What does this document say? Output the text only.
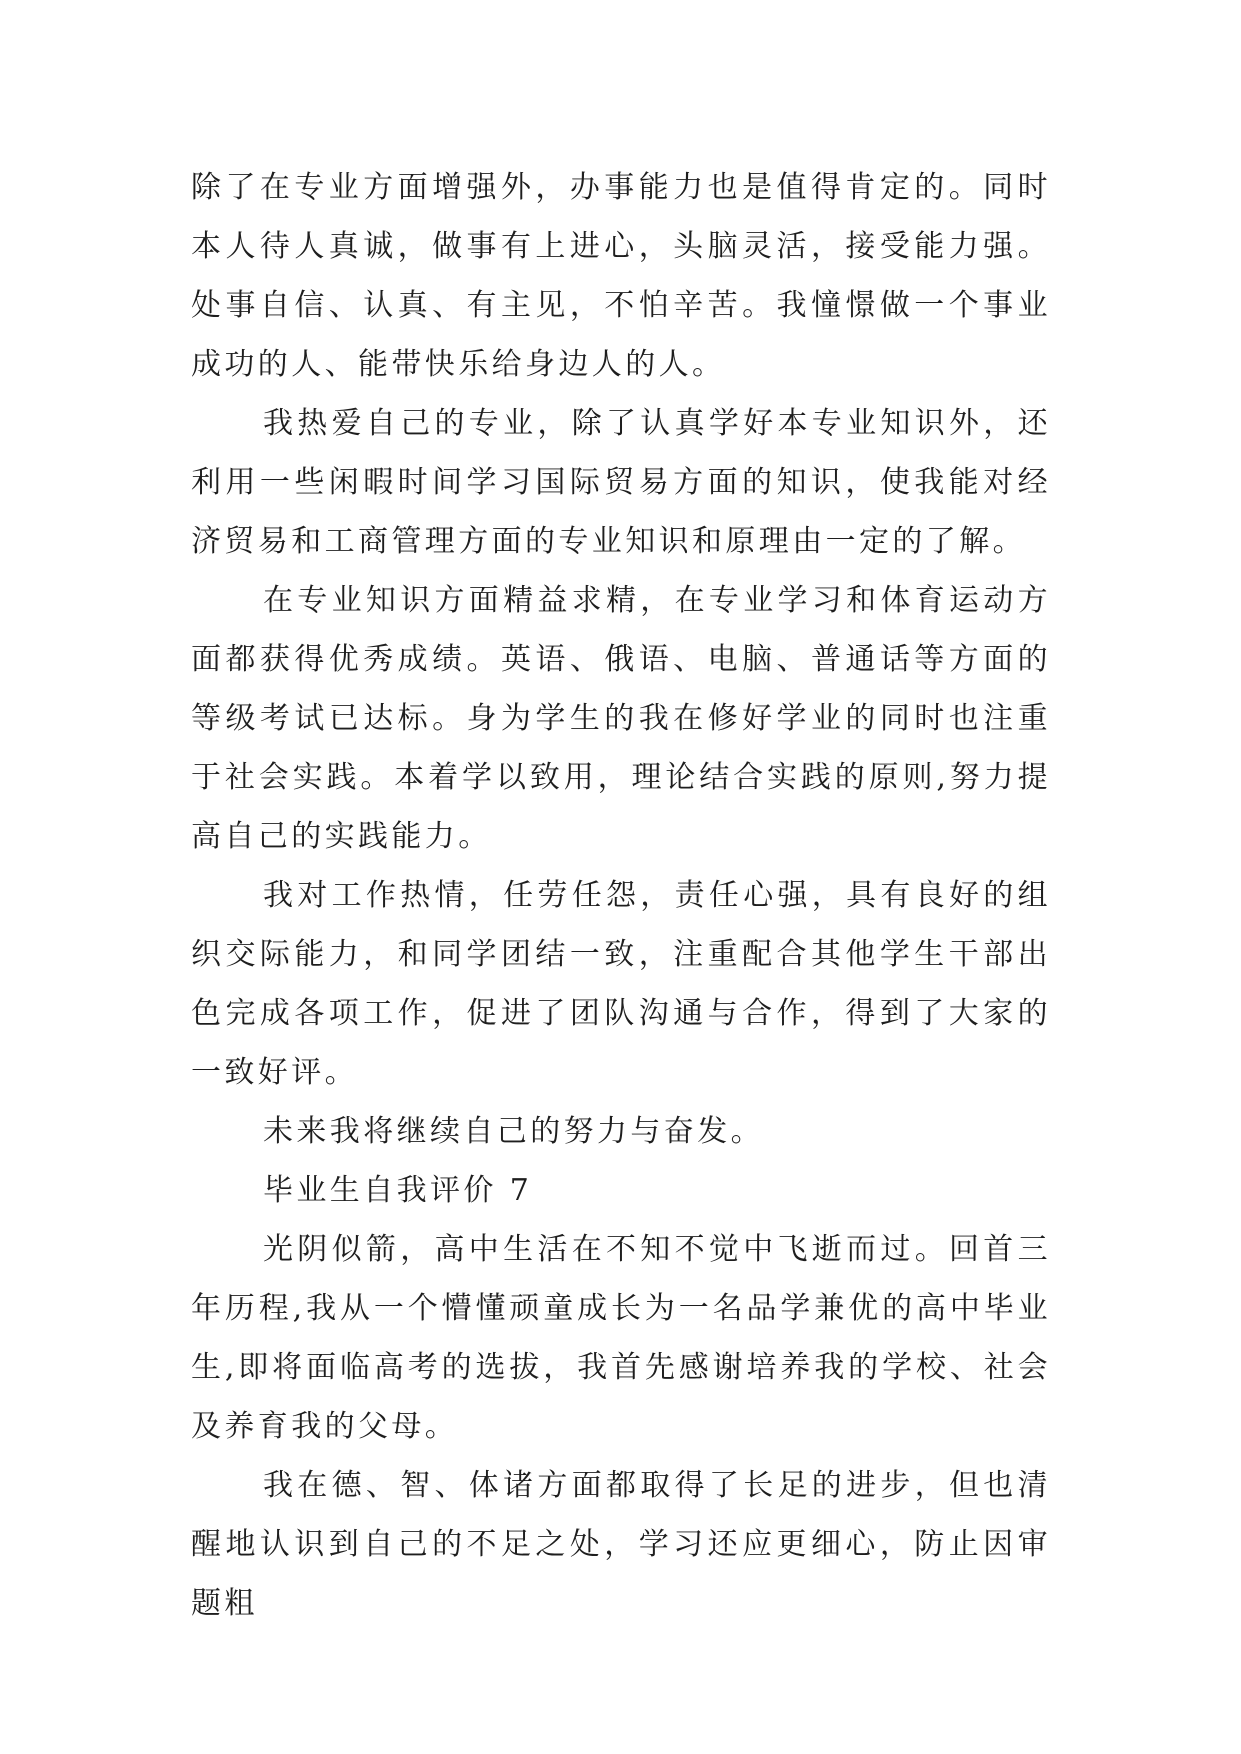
除了在专业方面增强外，办事能力也是值得肯定的。同时本人待人真诚，做事有上进心，头脑灵活，接受能力强。处事自信、认真、有主见，不怕辛苦。我憧憬做一个事业成功的人、能带快乐给身边人的人。

我热爱自己的专业，除了认真学好本专业知识外，还利用一些闲暇时间学习国际贸易方面的知识，使我能对经济贸易和工商管理方面的专业知识和原理由一定的了解。

在专业知识方面精益求精，在专业学习和体育运动方面都获得优秀成绩。英语、俄语、电脑、普通话等方面的等级考试已达标。身为学生的我在修好学业的同时也注重于社会实践。本着学以致用，理论结合实践的原则,努力提高自己的实践能力。

我对工作热情，任劳任怨，责任心强，具有良好的组织交际能力，和同学团结一致，注重配合其他学生干部出色完成各项工作，促进了团队沟通与合作，得到了大家的一致好评。

未来我将继续自己的努力与奋发。

毕业生自我评价 7

光阴似箭，高中生活在不知不觉中飞逝而过。回首三年历程,我从一个懵懂顽童成长为一名品学兼优的高中毕业生,即将面临高考的选拔，我首先感谢培养我的学校、社会及养育我的父母。

我在德、智、体诸方面都取得了长足的进步，但也清醒地认识到自己的不足之处，学习还应更细心，防止因审题粗
